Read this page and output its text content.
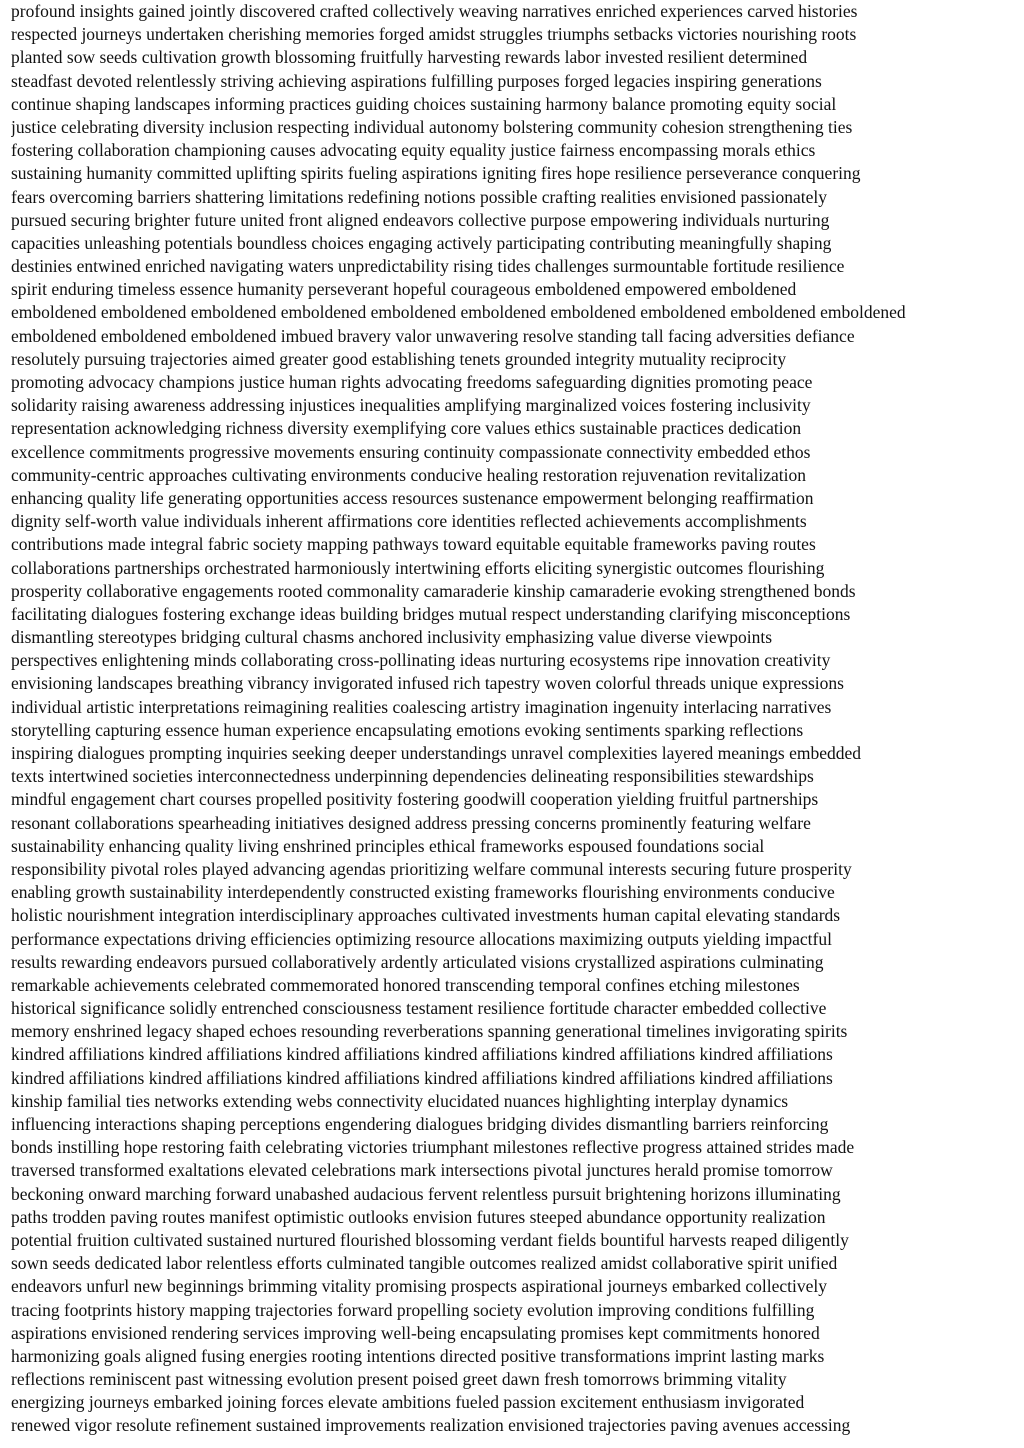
profound insights gained jointly discovered crafted collectively weaving narratives enriched experiences carved histories
respected journeys undertaken cherishing memories forged amidst struggles triumphs setbacks victories nourishing roots
planted sow seeds cultivation growth blossoming fruitfully harvesting rewards labor invested resilient determined
steadfast devoted relentlessly striving achieving aspirations fulfilling purposes forged legacies inspiring generations
continue shaping landscapes informing practices guiding choices sustaining harmony balance promoting equity social
justice celebrating diversity inclusion respecting individual autonomy bolstering community cohesion strengthening ties
fostering collaboration championing causes advocating equity equality justice fairness encompassing morals ethics
sustaining humanity committed uplifting spirits fueling aspirations igniting fires hope resilience perseverance conquering
fears overcoming barriers shattering limitations redefining notions possible crafting realities envisioned passionately
pursued securing brighter future united front aligned endeavors collective purpose empowering individuals nurturing
capacities unleashing potentials boundless choices engaging actively participating contributing meaningfully shaping
destinies entwined enriched navigating waters unpredictability rising tides challenges surmountable fortitude resilience
spirit enduring timeless essence humanity perseverant hopeful courageous emboldened empowered emboldened
emboldened emboldened emboldened emboldened emboldened emboldened emboldened emboldened emboldened emboldened
emboldened emboldened emboldened imbued bravery valor unwavering resolve standing tall facing adversities defiance
resolutely pursuing trajectories aimed greater good establishing tenets grounded integrity mutuality reciprocity
promoting advocacy champions justice human rights advocating freedoms safeguarding dignities promoting peace
solidarity raising awareness addressing injustices inequalities amplifying marginalized voices fostering inclusivity
representation acknowledging richness diversity exemplifying core values ethics sustainable practices dedication
excellence commitments progressive movements ensuring continuity compassionate connectivity embedded ethos
community-centric approaches cultivating environments conducive healing restoration rejuvenation revitalization
enhancing quality life generating opportunities access resources sustenance empowerment belonging reaffirmation
dignity self-worth value individuals inherent affirmations core identities reflected achievements accomplishments
contributions made integral fabric society mapping pathways toward equitable equitable frameworks paving routes
collaborations partnerships orchestrated harmoniously intertwining efforts eliciting synergistic outcomes flourishing
prosperity collaborative engagements rooted commonality camaraderie kinship camaraderie evoking strengthened bonds
facilitating dialogues fostering exchange ideas building bridges mutual respect understanding clarifying misconceptions
dismantling stereotypes bridging cultural chasms anchored inclusivity emphasizing value diverse viewpoints
perspectives enlightening minds collaborating cross-pollinating ideas nurturing ecosystems ripe innovation creativity
envisioning landscapes breathing vibrancy invigorated infused rich tapestry woven colorful threads unique expressions
individual artistic interpretations reimagining realities coalescing artistry imagination ingenuity interlacing narratives
storytelling capturing essence human experience encapsulating emotions evoking sentiments sparking reflections
inspiring dialogues prompting inquiries seeking deeper understandings unravel complexities layered meanings embedded
texts intertwined societies interconnectedness underpinning dependencies delineating responsibilities stewardships
mindful engagement chart courses propelled positivity fostering goodwill cooperation yielding fruitful partnerships
resonant collaborations spearheading initiatives designed address pressing concerns prominently featuring welfare
sustainability enhancing quality living enshrined principles ethical frameworks espoused foundations social
responsibility pivotal roles played advancing agendas prioritizing welfare communal interests securing future prosperity
enabling growth sustainability interdependently constructed existing frameworks flourishing environments conducive
holistic nourishment integration interdisciplinary approaches cultivated investments human capital elevating standards
performance expectations driving efficiencies optimizing resource allocations maximizing outputs yielding impactful
results rewarding endeavors pursued collaboratively ardently articulated visions crystallized aspirations culminating
remarkable achievements celebrated commemorated honored transcending temporal confines etching milestones
historical significance solidly entrenched consciousness testament resilience fortitude character embedded collective
memory enshrined legacy shaped echoes resounding reverberations spanning generational timelines invigorating spirits
kindred affiliations kindred affiliations kindred affiliations kindred affiliations kindred affiliations kindred affiliations
kindred affiliations kindred affiliations kindred affiliations kindred affiliations kindred affiliations kindred affiliations
kinship familial ties networks extending webs connectivity elucidated nuances highlighting interplay dynamics
influencing interactions shaping perceptions engendering dialogues bridging divides dismantling barriers reinforcing
bonds instilling hope restoring faith celebrating victories triumphant milestones reflective progress attained strides made
traversed transformed exaltations elevated celebrations mark intersections pivotal junctures herald promise tomorrow
beckoning onward marching forward unabashed audacious fervent relentless pursuit brightening horizons illuminating
paths trodden paving routes manifest optimistic outlooks envision futures steeped abundance opportunity realization
potential fruition cultivated sustained nurtured flourished blossoming verdant fields bountiful harvests reaped diligently
sown seeds dedicated labor relentless efforts culminated tangible outcomes realized amidst collaborative spirit unified
endeavors unfurl new beginnings brimming vitality promising prospects aspirational journeys embarked collectively
tracing footprints history mapping trajectories forward propelling society evolution improving conditions fulfilling
aspirations envisioned rendering services improving well-being encapsulating promises kept commitments honored
harmonizing goals aligned fusing energies rooting intentions directed positive transformations imprint lasting marks
reflections reminiscent past witnessing evolution present poised greet dawn fresh tomorrows brimming vitality
energizing journeys embarked joining forces elevate ambitions fueled passion excitement enthusiasm invigorated
renewed vigor resolute refinement sustained improvements realization envisioned trajectories paving avenues accessing
